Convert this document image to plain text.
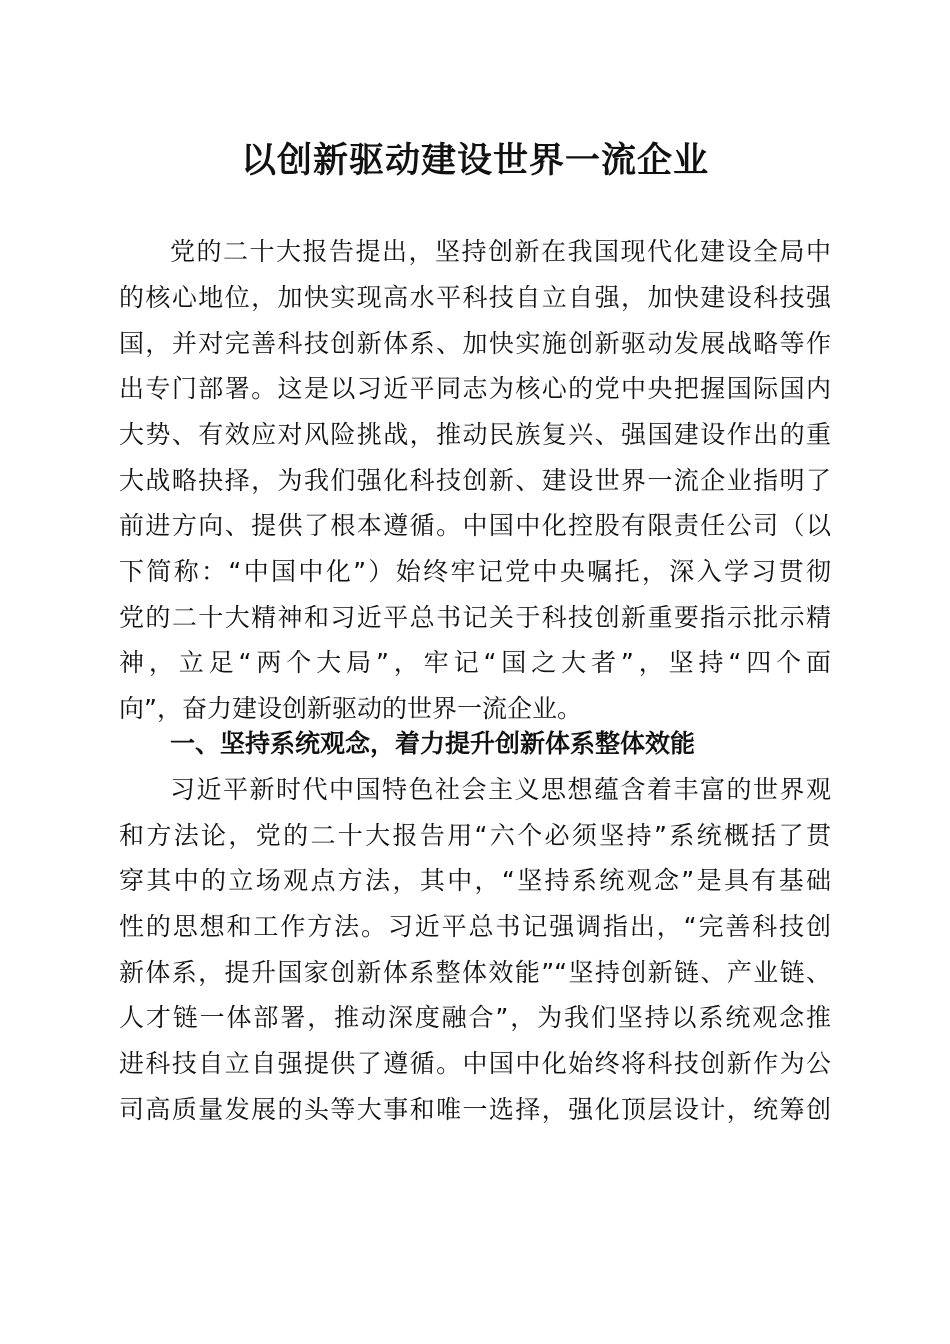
以创新驱动建设世界一流企业

党的二十大报告提出，坚持创新在我国现代化建设全局中

的核心地位，加快实现高水平科技自立自强，加快建设科技强

国，并对完善科技创新体系、加快实施创新驱动发展战略等作

出专门部署。这是以习近平同志为核心的党中央把握国际国内

大势、有效应对风险挑战，推动民族复兴、强国建设作出的重

大战略抉择，为我们强化科技创新、建设世界一流企业指明了

前进方向、提供了根本遵循。中国中化控股有限责任公司（以

下简称：“中国中化”）始终牢记党中央嘱托，深入学习贯彻

党的二十大精神和习近平总书记关于科技创新重要指示批示精

神，立足“两个大局”，牢记“国之大者”，坚持“四个面

向”，奋力建设创新驱动的世界一流企业。

一、坚持系统观念，着力提升创新体系整体效能

习近平新时代中国特色社会主义思想蕴含着丰富的世界观

和方法论，党的二十大报告用“六个必须坚持”系统概括了贯

穿其中的立场观点方法，其中，“坚持系统观念”是具有基础

性的思想和工作方法。习近平总书记强调指出，“完善科技创

新体系，提升国家创新体系整体效能”“坚持创新链、产业链、

人才链一体部署，推动深度融合”，为我们坚持以系统观念推

进科技自立自强提供了遵循。中国中化始终将科技创新作为公

司高质量发展的头等大事和唯一选择，强化顶层设计，统筹创
